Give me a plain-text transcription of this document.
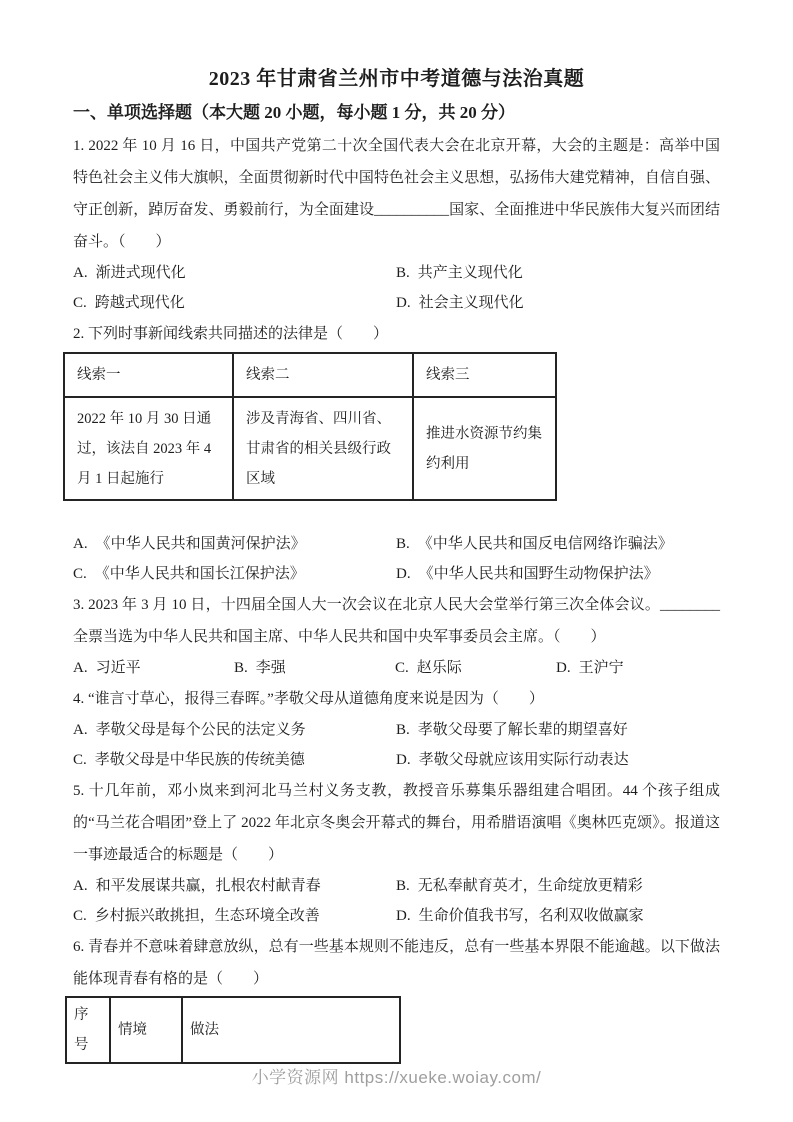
2023 年甘肃省兰州市中考道德与法治真题
一、单项选择题（本大题 20 小题，每小题 1 分，共 20 分）

1. 2022 年 10 月 16 日，中国共产党第二十次全国代表大会在北京开幕，大会的主题是：高举中国特色社会主义伟大旗帜，全面贯彻新时代中国特色社会主义思想，弘扬伟大建党精神，自信自强、守正创新，踔厉奋发、勇毅前行，为全面建设__________国家、全面推进中华民族伟大复兴而团结奋斗。（　　）

A. 渐进式现代化	B. 共产主义现代化
C. 跨越式现代化	D. 社会主义现代化

2. 下列时事新闻线索共同描述的法律是（　　）

线索一	线索二	线索三
2022 年 10 月 30 日通过，该法自 2023 年 4 月 1 日起施行	涉及青海省、四川省、甘肃省的相关县级行政区域	推进水资源节约集约利用
A. 《中华人民共和国黄河保护法》	B. 《中华人民共和国反电信网络诈骗法》
C. 《中华人民共和国长江保护法》	D. 《中华人民共和国野生动物保护法》

3. 2023 年 3 月 10 日，十四届全国人大一次会议在北京人民大会堂举行第三次全体会议。________全票当选为中华人民共和国主席、中华人民共和国中央军事委员会主席。（　　）

A. 习近平	B. 李强	C. 赵乐际	D. 王沪宁

4. “谁言寸草心，报得三春晖。”孝敬父母从道德角度来说是因为（　　）

A. 孝敬父母是每个公民的法定义务	B. 孝敬父母要了解长辈的期望喜好
C. 孝敬父母是中华民族的传统美德	D. 孝敬父母就应该用实际行动表达

5. 十几年前，邓小岚来到河北马兰村义务支教，教授音乐募集乐器组建合唱团。44 个孩子组成的“马兰花合唱团”登上了 2022 年北京冬奥会开幕式的舞台，用希腊语演唱《奥林匹克颂》。报道这一事迹最适合的标题是（　　）

A. 和平发展谋共赢，扎根农村献青春	B. 无私奉献育英才，生命绽放更精彩
C. 乡村振兴敢挑担，生态环境全改善	D. 生命价值我书写，名利双收做赢家

6. 青春并不意味着肆意放纵，总有一些基本规则不能违反，总有一些基本界限不能逾越。以下做法能体现青春有格的是（　　）

序号	情境	做法
小学资源网 https://xueke.woiay.com/
